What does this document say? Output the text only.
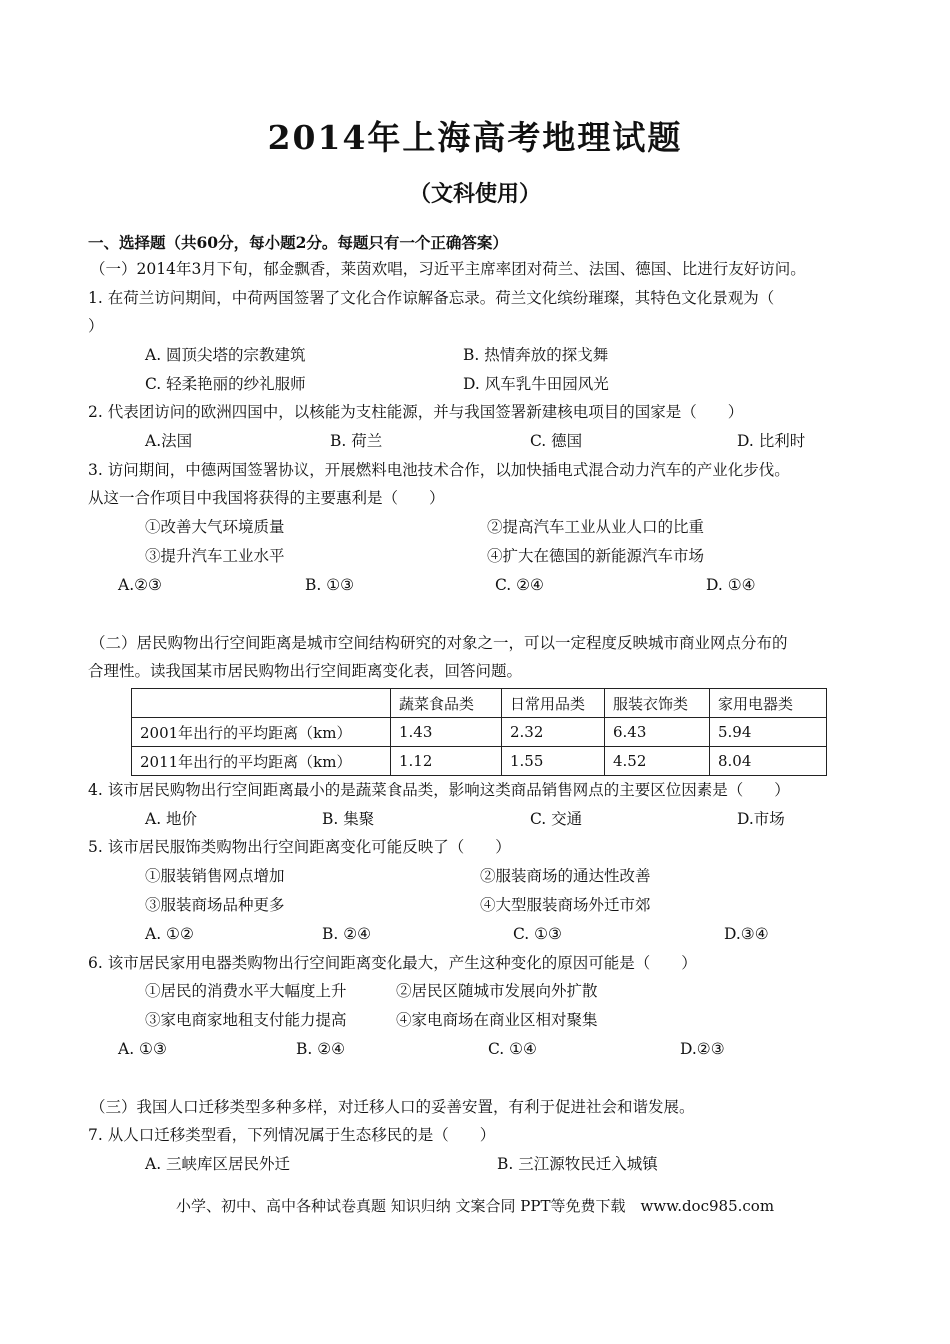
2014年上海高考地理试题
（文科使用）
一、选择题（共60分，每小题2分。每题只有一个正确答案）
（一）2014年3月下旬，郁金飘香，莱茵欢唱，习近平主席率团对荷兰、法国、德国、比进行友好访问。
1. 在荷兰访问期间，中荷两国签署了文化合作谅解备忘录。荷兰文化缤纷璀璨，其特色文化景观为（
）
A. 圆顶尖塔的宗教建筑	B. 热情奔放的探戈舞
C. 轻柔艳丽的纱礼服师	D. 风车乳牛田园风光
2. 代表团访问的欧洲四国中，以核能为支柱能源，并与我国签署新建核电项目的国家是（　　）
A.法国	B. 荷兰	C. 德国	D. 比利时
3. 访问期间，中德两国签署协议，开展燃料电池技术合作，以加快插电式混合动力汽车的产业化步伐。
从这一合作项目中我国将获得的主要惠利是（　　）
①改善大气环境质量	②提高汽车工业从业人口的比重
③提升汽车工业水平	④扩大在德国的新能源汽车市场
A.②③	B. ①③	C. ②④	D. ①④
（二）居民购物出行空间距离是城市空间结构研究的对象之一，可以一定程度反映城市商业网点分布的
合理性。读我国某市居民购物出行空间距离变化表，回答问题。
	蔬菜食品类	日常用品类	服装衣饰类	家用电器类
2001年出行的平均距离（km）	1.43	2.32	6.43	5.94
2011年出行的平均距离（km）	1.12	1.55	4.52	8.04
4. 该市居民购物出行空间距离最小的是蔬菜食品类，影响这类商品销售网点的主要区位因素是（　　）
A. 地价	B. 集聚	C. 交通	D.市场
5. 该市居民服饰类购物出行空间距离变化可能反映了（　　）
①服装销售网点增加	②服装商场的通达性改善
③服装商场品种更多	④大型服装商场外迁市郊
A. ①②	B. ②④	C. ①③	D.③④
6. 该市居民家用电器类购物出行空间距离变化最大，产生这种变化的原因可能是（　　）
①居民的消费水平大幅度上升	②居民区随城市发展向外扩散
③家电商家地租支付能力提高	④家电商场在商业区相对聚集
A. ①③	B. ②④	C. ①④	D.②③
（三）我国人口迁移类型多种多样，对迁移人口的妥善安置，有利于促进社会和谐发展。
7. 从人口迁移类型看，下列情况属于生态移民的是（　　）
A. 三峡库区居民外迁	B. 三江源牧民迁入城镇
小学、初中、高中各种试卷真题 知识归纳 文案合同 PPT等免费下载　www.doc985.com
